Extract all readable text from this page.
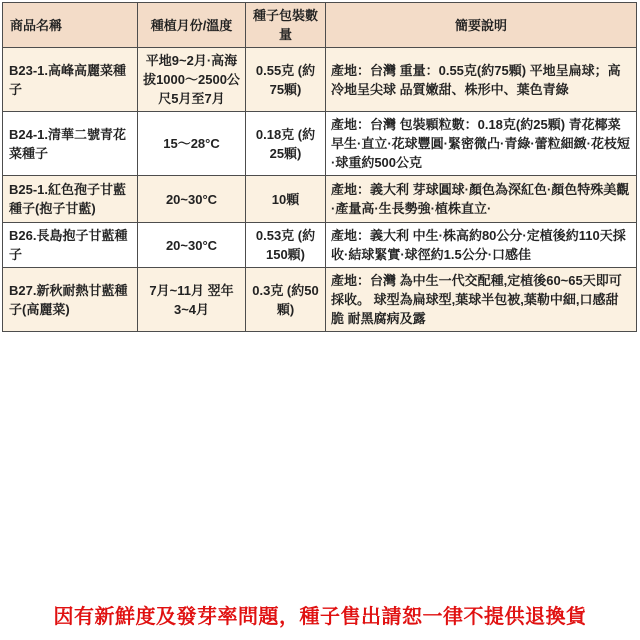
商品名稱	種植月份/溫度	種子包裝數量	簡要說明
B23-1.高峰高麗菜種子	平地9~2月·高海拔1000～2500公尺5月至7月	0.55克 (約75顆)	產地：台灣 重量：0.55克(約75顆) 平地呈扁球；高冷地呈尖球 品質嫩甜、株形中、葉色青綠
B24-1.清華二號青花菜種子	15～28°C	0.18克 (約25顆)	產地：台灣 包裝顆粒數：0.18克(約25顆) 青花椰菜 早生·直立·花球豐圓·緊密微凸·青綠·蕾粒細緻·花枝短·球重約500公克
B25-1.紅色孢子甘藍種子(抱子甘藍)	20~30°C	10顆	產地：義大利 芽球圓球·顏色為深紅色·顏色特殊美觀·產量高·生長勢強·植株直立·
B26.長島抱子甘藍種子	20~30°C	0.53克 (約150顆)	產地：義大利 中生·株高約80公分·定植後約110天採收·結球緊實·球徑約1.5公分·口感佳
B27.新秋耐熱甘藍種子(高麗菜)	7月~11月 翌年3~4月	0.3克 (約50顆)	產地：台灣 為中生一代交配種,定植後60~65天即可採收。 球型為扁球型,葉球半包被,葉勒中細,口感甜脆 耐黑腐病及露
因有新鮮度及發芽率問題，種子售出請恕一律不提供退換貨
